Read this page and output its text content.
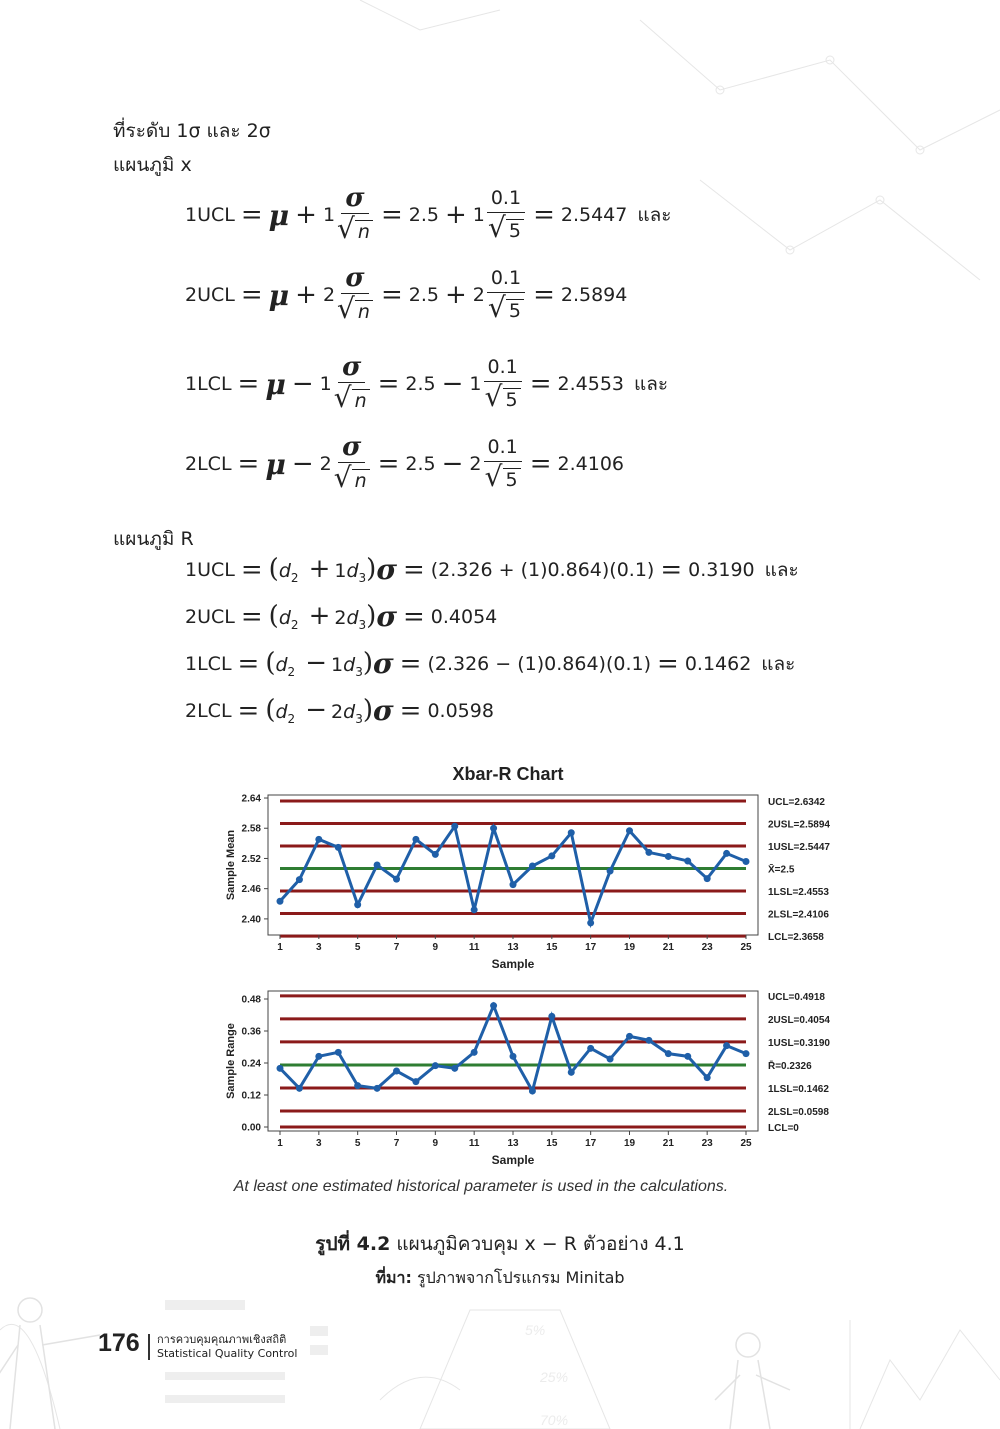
5%
25%
70%
ที่ระดับ 1σ และ 2σ
แผนภูมิ x
$1UCL = \mu + 1 \frac{\sigma}{√ n} = 2.5 + 1 \frac{0.1}{√ 5} = 2.5447$ และ
$2UCL = \mu + 2 \frac{\sigma}{√ n} = 2.5 + 2 \frac{0.1}{√ 5} = 2.5894$
$1LCL = \mu - 1 \frac{\sigma}{√ n} = 2.5 - 1 \frac{0.1}{√ 5} = 2.4553$ และ
$2LCL = \mu - 2 \frac{\sigma}{√ n} = 2.5 - 2 \frac{0.1}{√ 5} = 2.4106$
แผนภูมิ R
$1UCL = (d_2 + 1d_3) \sigma = (2.326 + (1)0.864)(0.1) = 0.3190$ และ
$2UCL = (d_2 + 2d_3) \sigma = 0.4054$
$1LCL = (d_2 - 1d_3) \sigma = (2.326 - (1)0.864)(0.1) = 0.1462$ และ
$2LCL = (d_2 - 2d_3) \sigma = 0.0598$
Xbar-R Chart
UCL=2.6342
2USL=2.5894
1USL=2.5447
X̄=2.5
1LSL=2.4553
2LSL=2.4106
LCL=2.3658
2.40
2.46
2.52
2.58
2.64
1	3	5	7	9	11	13	15	17	19	21	23	25
Sample
Sample Mean
UCL=0.4918
2USL=0.4054
1USL=0.3190
R̄=0.2326
1LSL=0.1462
2LSL=0.0598
LCL=0
0.00
0.12
0.24
0.36
0.48
1	3	5	7	9	11	13	15	17	19	21	23	25
Sample
Sample Range
At least one estimated historical parameter is used in the calculations.
รูปที่ 4.2 แผนภูมิควบคุม x − R ตัวอย่าง 4.1
ที่มา: รูปภาพจากโปรแกรม Minitab
176 การควบคุมคุณภาพเชิงสถิติ
Statistical Quality Control
